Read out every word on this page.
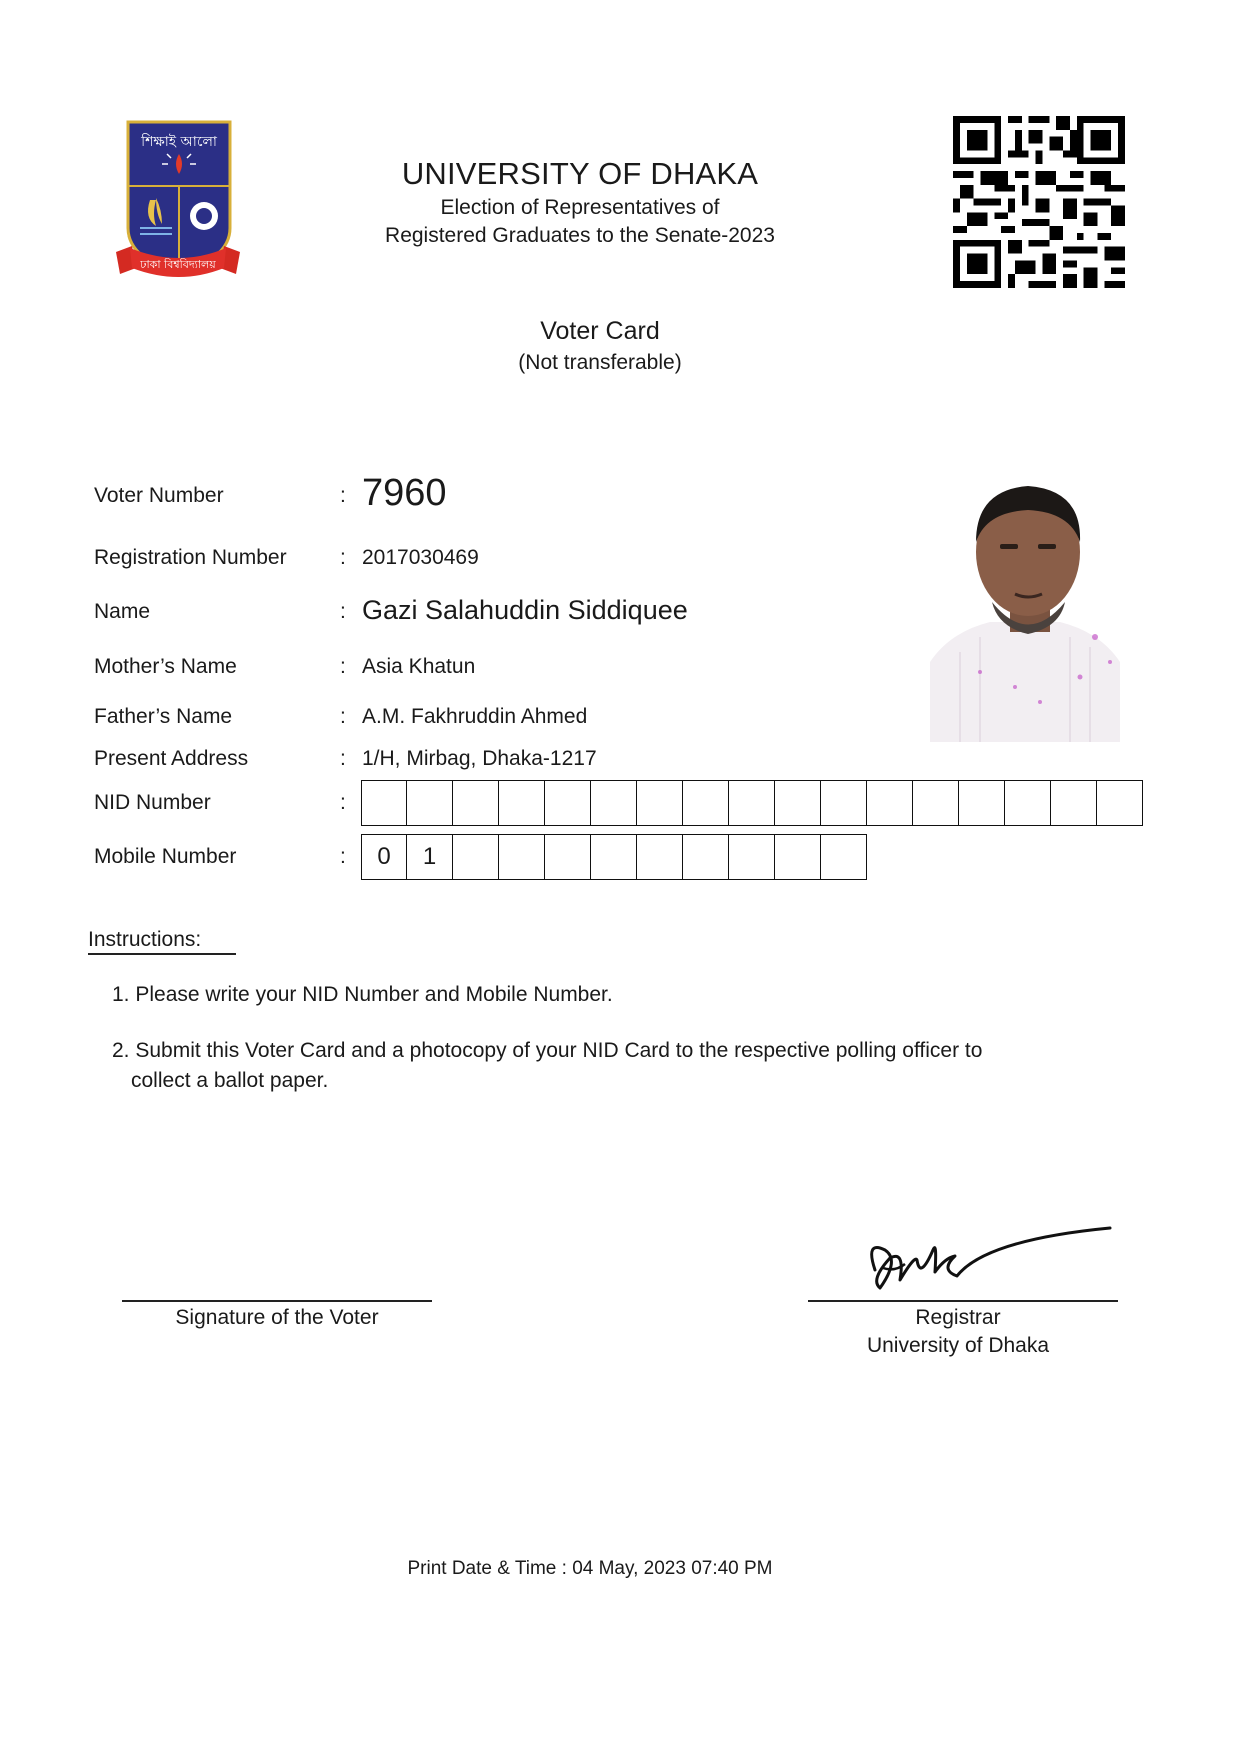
শিক্ষাই আলো
ঢাকা বিশ্ববিদ্যালয়
UNIVERSITY OF DHAKA
Election of Representatives of
Registered Graduates to the Senate-2023
Voter Card
(Not transferable)
Voter Number	: 7960
Registration Number	: 2017030469
Name	: Gazi Salahuddin Siddiquee
Mother’s Name	: Asia Khatun
Father’s Name	: A.M. Fakhruddin Ahmed
Present Address	: 1/H, Mirbag, Dhaka-1217
NID Number	:
Mobile Number	:	0	1
Instructions:
1. Please write your NID Number and Mobile Number.
2. Submit this Voter Card and a photocopy of your NID Card to the respective polling officer to
collect a ballot paper.
Signature of the Voter	Registrar
University of Dhaka
Print Date & Time : 04 May, 2023 07:40 PM
